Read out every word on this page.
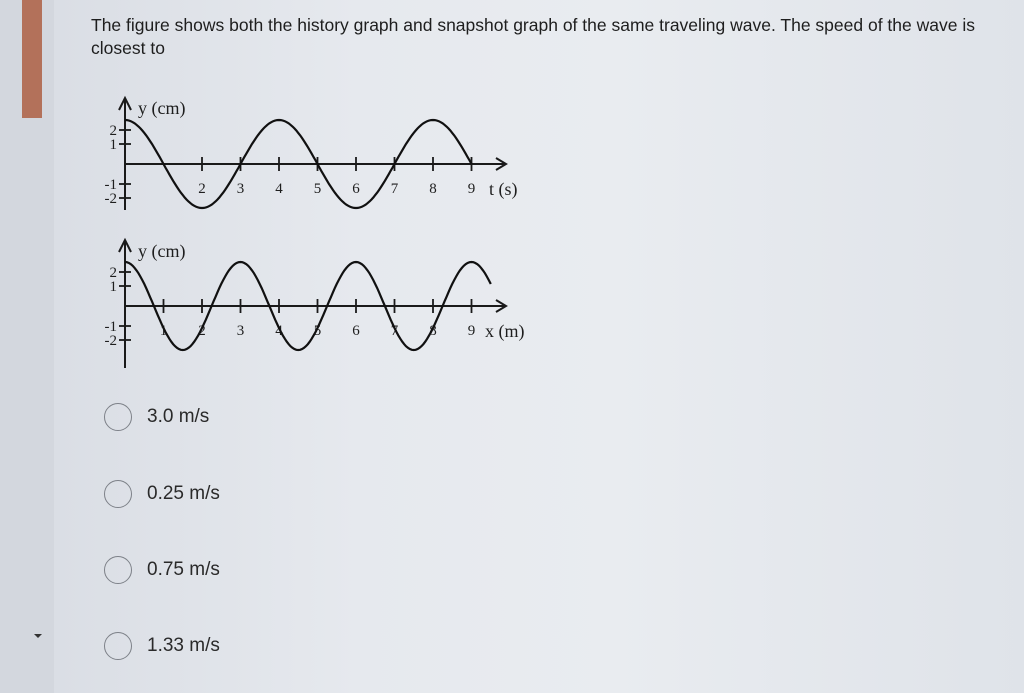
The figure shows both the history graph and snapshot graph of the same traveling wave. The speed of the wave is closest to
2
1
-1
-2
2 3 4 5 6 7 8 9
y (cm)
t (s)
2
1
-1
-2
1 2 3 4 5 6 7 8 9
y (cm)
x (m)
3.0 m/s
0.25 m/s
0.75 m/s
1.33 m/s
